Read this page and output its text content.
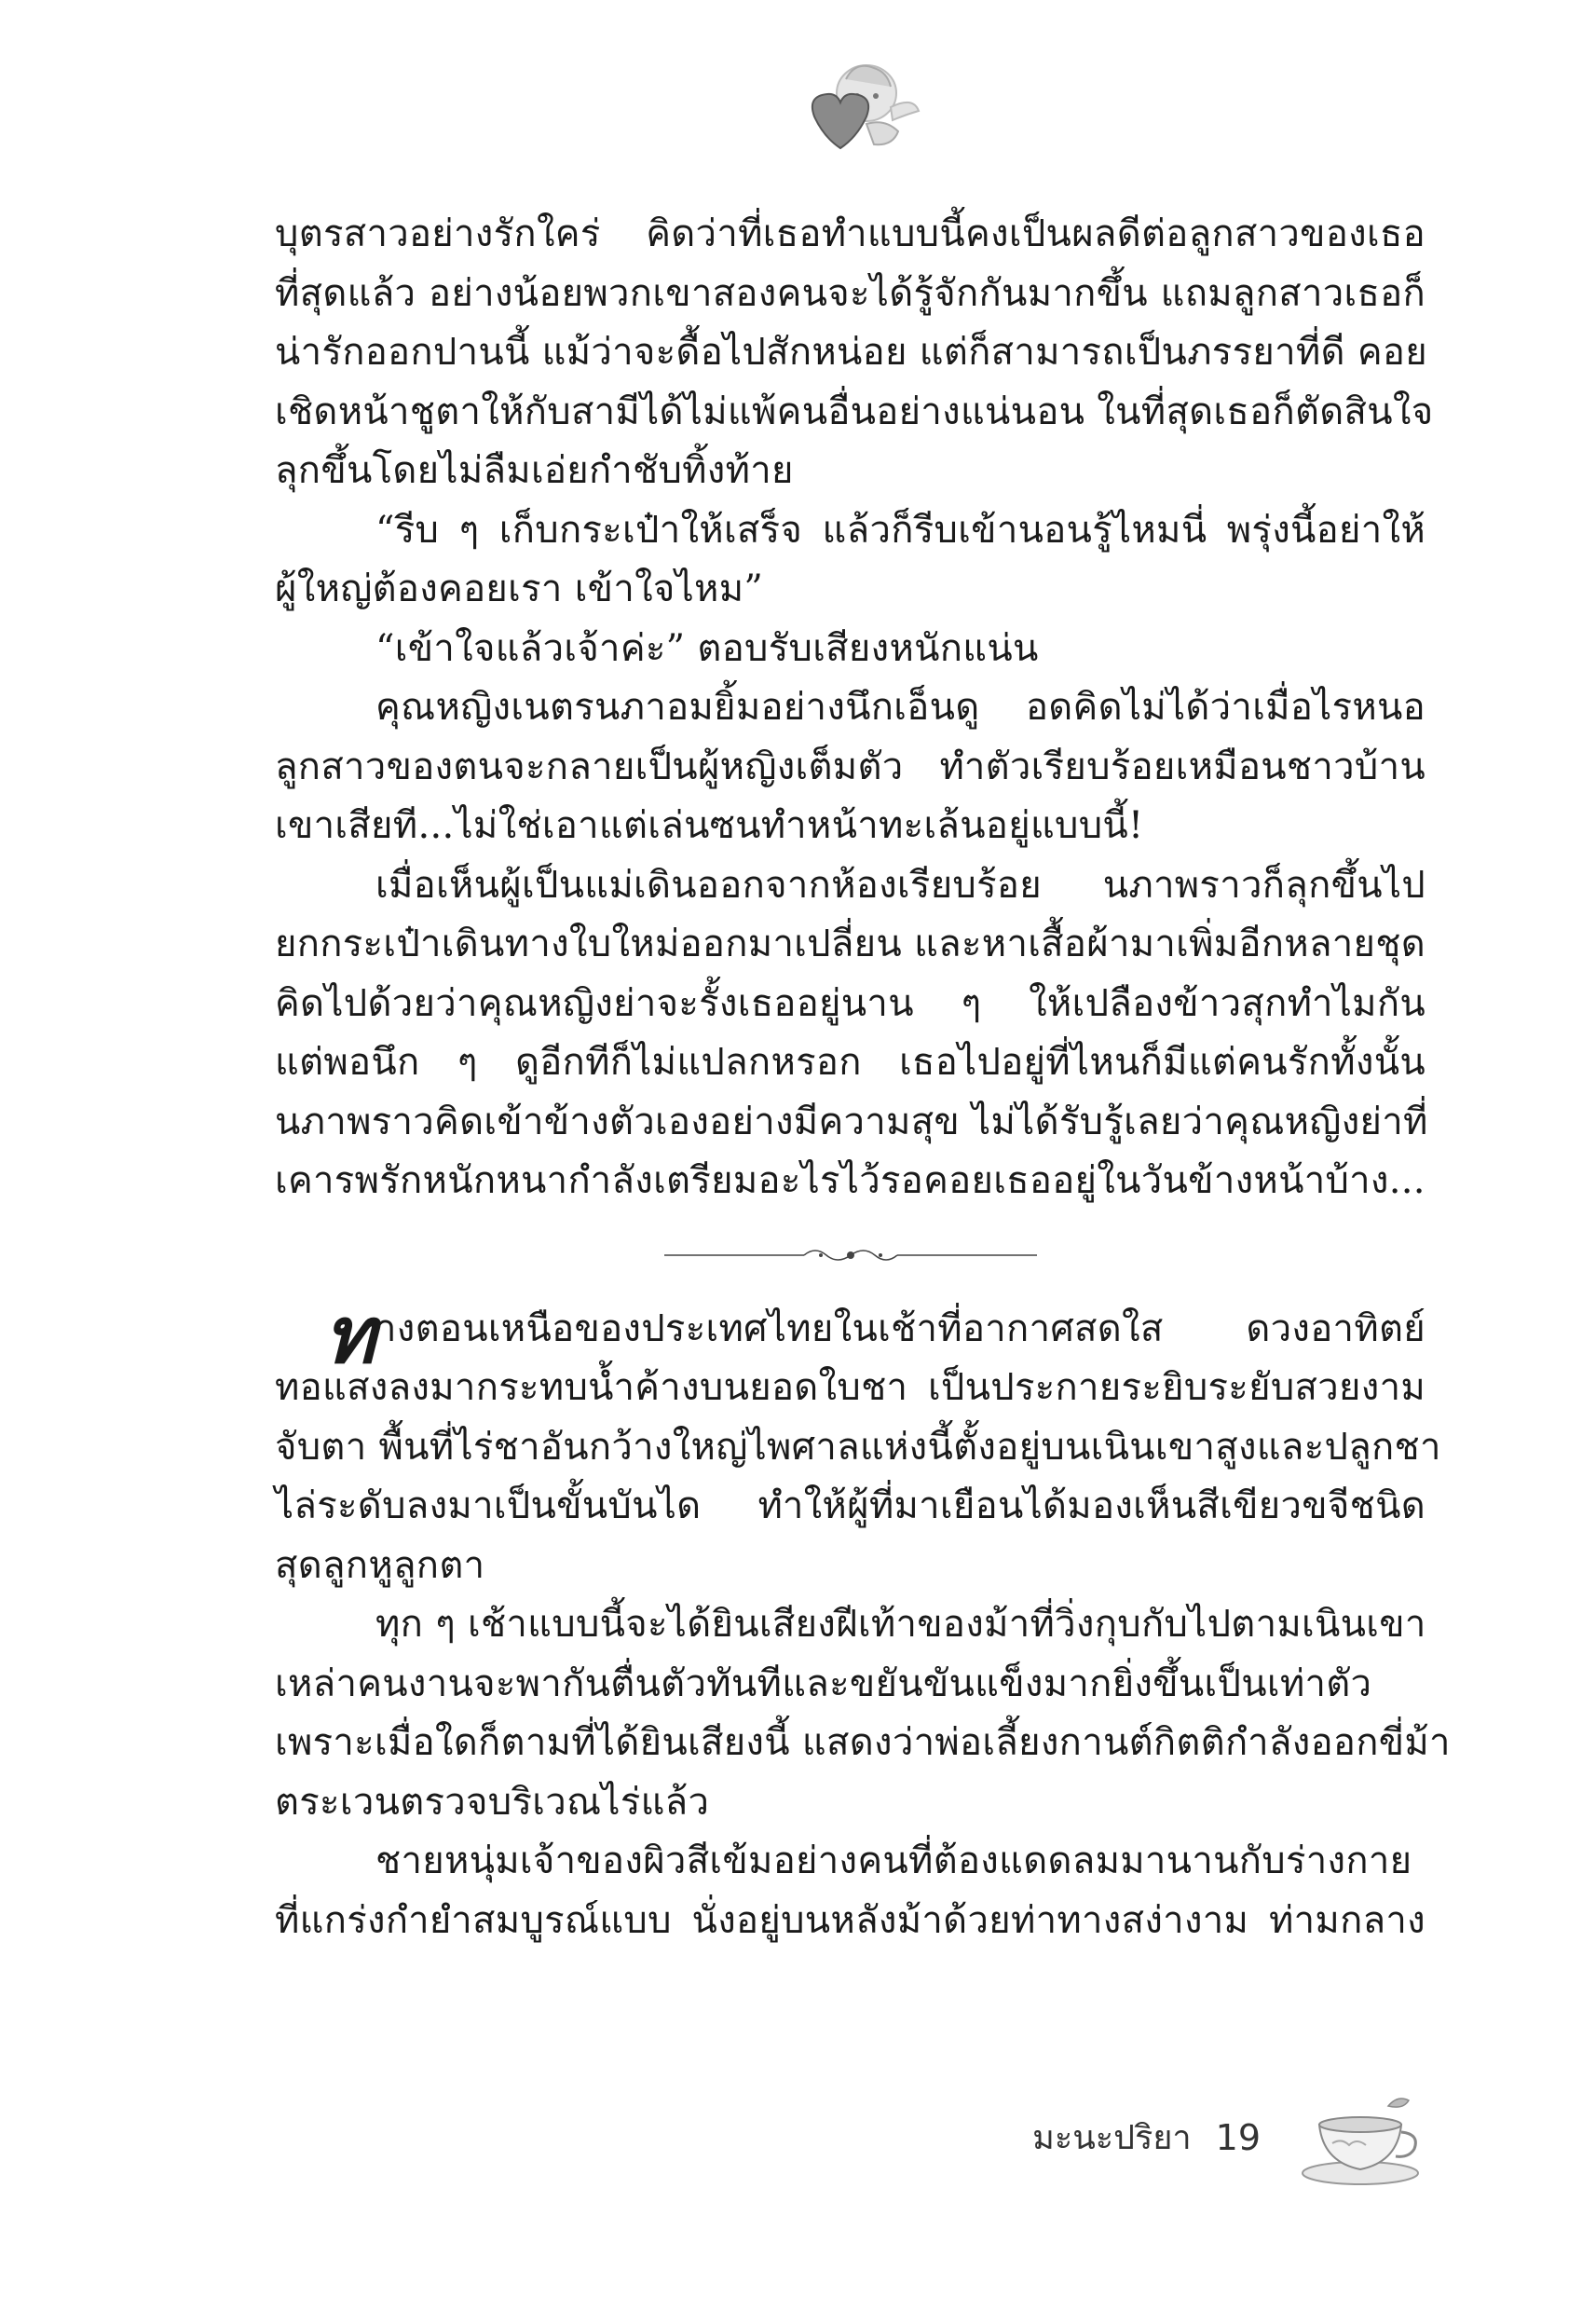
บุตรสาวอย่างรักใคร่ คิดว่าที่เธอทำแบบนี้คงเป็นผลดีต่อลูกสาวของเธอ
ที่สุดแล้ว อย่างน้อยพวกเขาสองคนจะได้รู้จักกันมากขึ้น แถมลูกสาวเธอก็
น่ารักออกปานนี้ แม้ว่าจะดื้อไปสักหน่อย แต่ก็สามารถเป็นภรรยาที่ดี คอย
เชิดหน้าชูตาให้กับสามีได้ไม่แพ้คนอื่นอย่างแน่นอน ในที่สุดเธอก็ตัดสินใจ
ลุกขึ้นโดยไม่ลืมเอ่ยกำชับทิ้งท้าย
“รีบ ๆ เก็บกระเป๋าให้เสร็จ แล้วก็รีบเข้านอนรู้ไหมนี่ พรุ่งนี้อย่าให้
ผู้ใหญ่ต้องคอยเรา เข้าใจไหม”
“เข้าใจแล้วเจ้าค่ะ” ตอบรับเสียงหนักแน่น
คุณหญิงเนตรนภาอมยิ้มอย่างนึกเอ็นดู อดคิดไม่ได้ว่าเมื่อไรหนอ
ลูกสาวของตนจะกลายเป็นผู้หญิงเต็มตัว ทำตัวเรียบร้อยเหมือนชาวบ้าน
เขาเสียที...ไม่ใช่เอาแต่เล่นซนทำหน้าทะเล้นอยู่แบบนี้!
เมื่อเห็นผู้เป็นแม่เดินออกจากห้องเรียบร้อย นภาพราวก็ลุกขึ้นไป
ยกกระเป๋าเดินทางใบใหม่ออกมาเปลี่ยน และหาเสื้อผ้ามาเพิ่มอีกหลายชุด
คิดไปด้วยว่าคุณหญิงย่าจะรั้งเธออยู่นาน ๆ ให้เปลืองข้าวสุกทำไมกัน
แต่พอนึก ๆ ดูอีกทีก็ไม่แปลกหรอก เธอไปอยู่ที่ไหนก็มีแต่คนรักทั้งนั้น
นภาพราวคิดเข้าข้างตัวเองอย่างมีความสุข ไม่ได้รับรู้เลยว่าคุณหญิงย่าที่
เคารพรักหนักหนากำลังเตรียมอะไรไว้รอคอยเธออยู่ในวันข้างหน้าบ้าง...
ท างตอนเหนือของประเทศไทยในเช้าที่อากาศสดใส ดวงอาทิตย์
ทอแสงลงมากระทบน้ำค้างบนยอดใบชา เป็นประกายระยิบระยับสวยงาม
จับตา พื้นที่ไร่ชาอันกว้างใหญ่ไพศาลแห่งนี้ตั้งอยู่บนเนินเขาสูงและปลูกชา
ไล่ระดับลงมาเป็นขั้นบันได ทำให้ผู้ที่มาเยือนได้มองเห็นสีเขียวขจีชนิด
สุดลูกหูลูกตา
ทุก ๆ เช้าแบบนี้จะได้ยินเสียงฝีเท้าของม้าที่วิ่งกุบกับไปตามเนินเขา
เหล่าคนงานจะพากันตื่นตัวทันทีและขยันขันแข็งมากยิ่งขึ้นเป็นเท่าตัว
เพราะเมื่อใดก็ตามที่ได้ยินเสียงนี้ แสดงว่าพ่อเลี้ยงกานต์กิตติกำลังออกขี่ม้า
ตระเวนตรวจบริเวณไร่แล้ว
ชายหนุ่มเจ้าของผิวสีเข้มอย่างคนที่ต้องแดดลมมานานกับร่างกาย
ที่แกร่งกำยำสมบูรณ์แบบ นั่งอยู่บนหลังม้าด้วยท่าทางสง่างาม ท่ามกลาง
มะนะปริยา 19
